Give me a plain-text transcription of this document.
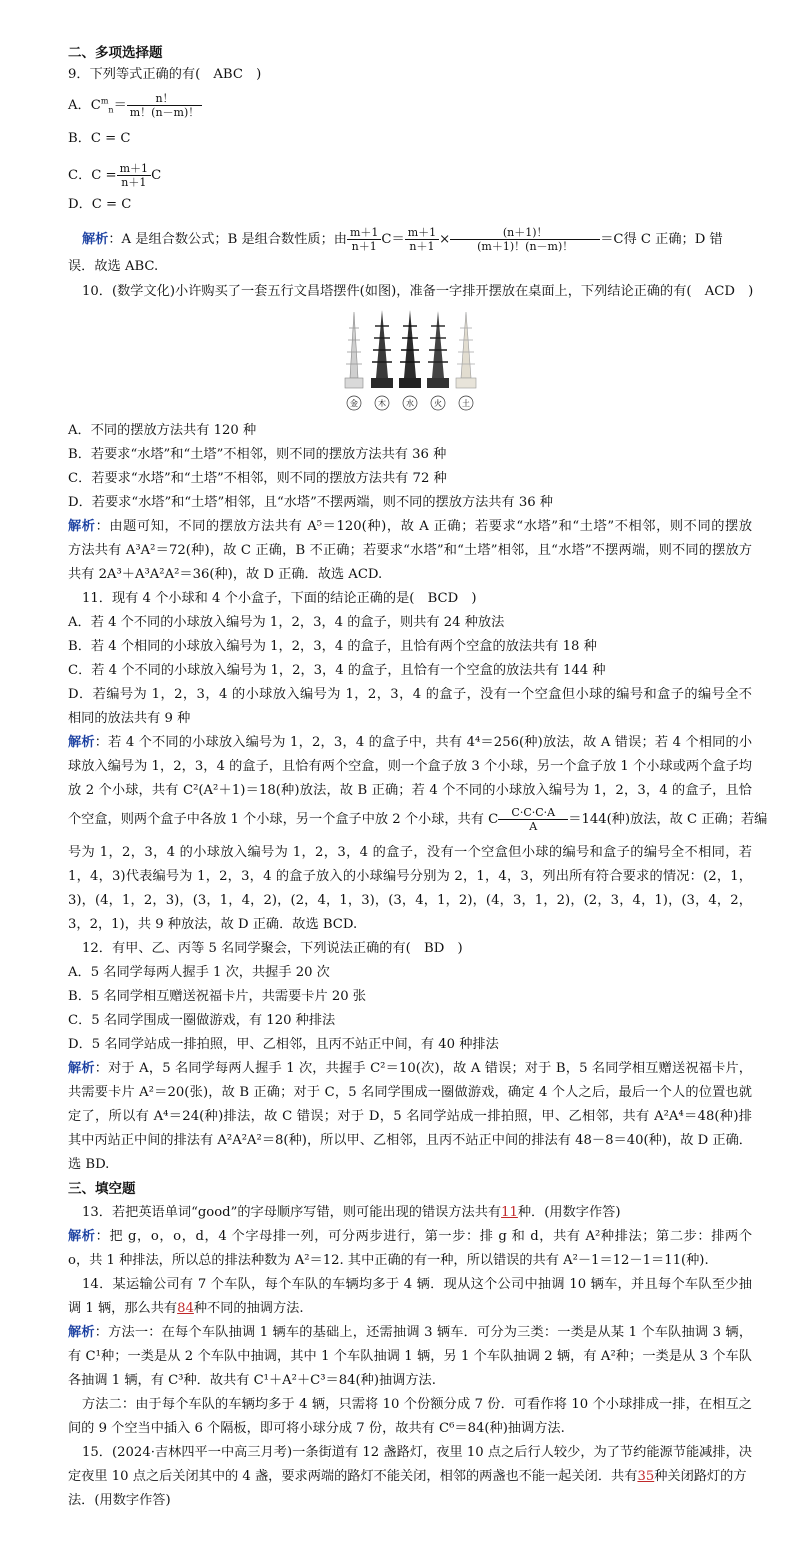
二、多项选择题
9．下列等式正确的有(　ABC　)
A．$C^m_n= \frac{n!}{m!(n-m)!}$
B．C = C
C．$C = \frac{m+1}{n+1}$ C
D．C = C
解析：A 是组合数公式；B 是组合数性质；由 $\frac{m+1}{n+1} C= \frac{m+1}{n+1} \times \frac{(n+1)!}{(m+1)!(n-m)!} =C$得 C 正确；D 错
误．故选 ABC.
10．(数学文化)小许购买了一套五行文昌塔摆件(如图)，准备一字排开摆放在桌面上，下列结论正确的有(　ACD　)
金	木	水	火	土
A．不同的摆放方法共有 120 种
B．若要求“水塔”和“土塔”不相邻，则不同的摆放方法共有 36 种
C．若要求“水塔”和“土塔”不相邻，则不同的摆放方法共有 72 种
D．若要求“水塔”和“土塔”相邻，且“水塔”不摆两端，则不同的摆放方法共有 36 种
解析：由题可知，不同的摆放方法共有 A⁵＝120(种)，故 A 正确；若要求“水塔”和“土塔”不相邻，则不同的摆放
方法共有 A³A²＝72(种)，故 C 正确，B 不正确；若要求“水塔”和“土塔”相邻，且“水塔”不摆两端，则不同的摆放方
共有 2A³＋A³A²A²＝36(种)，故 D 正确．故选 ACD.
11．现有 4 个小球和 4 个小盒子，下面的结论正确的是(　BCD　)
A．若 4 个不同的小球放入编号为 1，2，3，4 的盒子，则共有 24 种放法
B．若 4 个相同的小球放入编号为 1，2，3，4 的盒子，且恰有两个空盒的放法共有 18 种
C．若 4 个不同的小球放入编号为 1，2，3，4 的盒子，且恰有一个空盒的放法共有 144 种
D．若编号为 1，2，3，4 的小球放入编号为 1，2，3，4 的盒子，没有一个空盒但小球的编号和盒子的编号全不
相同的放法共有 9 种
解析：若 4 个不同的小球放入编号为 1，2，3，4 的盒子中，共有 4⁴＝256(种)放法，故 A 错误；若 4 个相同的小
球放入编号为 1，2，3，4 的盒子，且恰有两个空盒，则一个盒子放 3 个小球，另一个盒子放 1 个小球或两个盒子均
放 2 个小球，共有 C²(A²＋1)＝18(种)放法，故 B 正确；若 4 个不同的小球放入编号为 1，2，3，4 的盒子，且恰
个空盒，则两个盒子中各放 1 个小球，另一个盒子中放 2 个小球，共有 C $\frac{C\cdot C\cdot C\cdot A}{A} =144$(种)放法，故 C 正确；若编
号为 1，2，3，4 的小球放入编号为 1，2，3，4 的盒子，没有一个空盒但小球的编号和盒子的编号全不相同，若
1，4，3)代表编号为 1，2，3，4 的盒子放入的小球编号分别为 2，1，4，3，列出所有符合要求的情况：(2，1，
3)，(4，1，2，3)，(3，1，4，2)，(2，4，1，3)，(3，4，1，2)，(4，3，1，2)，(2，3，4，1)，(3，4，2，
3，2，1)，共 9 种放法，故 D 正确．故选 BCD.
12．有甲、乙、丙等 5 名同学聚会，下列说法正确的有(　BD　)
A．5 名同学每两人握手 1 次，共握手 20 次
B．5 名同学相互赠送祝福卡片，共需要卡片 20 张
C．5 名同学围成一圈做游戏，有 120 种排法
D．5 名同学站成一排拍照，甲、乙相邻，且丙不站正中间，有 40 种排法
解析：对于 A，5 名同学每两人握手 1 次，共握手 C²＝10(次)，故 A 错误；对于 B，5 名同学相互赠送祝福卡片，
共需要卡片 A²＝20(张)，故 B 正确；对于 C，5 名同学围成一圈做游戏，确定 4 个人之后，最后一个人的位置也就
定了，所以有 A⁴＝24(种)排法，故 C 错误；对于 D，5 名同学站成一排拍照，甲、乙相邻，共有 A²A⁴＝48(种)排
其中丙站正中间的排法有 A²A²A²＝8(种)，所以甲、乙相邻，且丙不站正中间的排法有 48－8＝40(种)，故 D 正确．
选 BD.
三、填空题
13．若把英语单词“good”的字母顺序写错，则可能出现的错误方法共有11种．(用数字作答)
解析：把 g，o，o，d，4 个字母排一列，可分两步进行，第一步：排 g 和 d，共有 A²种排法；第二步：排两个
o，共 1 种排法，所以总的排法种数为 A²＝12. 其中正确的有一种，所以错误的共有 A²－1＝12－1＝11(种).
14．某运输公司有 7 个车队，每个车队的车辆均多于 4 辆．现从这个公司中抽调 10 辆车，并且每个车队至少抽
调 1 辆，那么共有84种不同的抽调方法.
解析：方法一：在每个车队抽调 1 辆车的基础上，还需抽调 3 辆车．可分为三类：一类是从某 1 个车队抽调 3 辆，
有 C¹种；一类是从 2 个车队中抽调，其中 1 个车队抽调 1 辆，另 1 个车队抽调 2 辆，有 A²种；一类是从 3 个车队
各抽调 1 辆，有 C³种．故共有 C¹＋A²＋C³＝84(种)抽调方法.
方法二：由于每个车队的车辆均多于 4 辆，只需将 10 个份额分成 7 份．可看作将 10 个小球排成一排，在相互之
间的 9 个空当中插入 6 个隔板，即可将小球分成 7 份，故共有 C⁶＝84(种)抽调方法.
15．(2024·吉林四平一中高三月考)一条街道有 12 盏路灯，夜里 10 点之后行人较少，为了节约能源节能减排，决
定夜里 10 点之后关闭其中的 4 盏，要求两端的路灯不能关闭，相邻的两盏也不能一起关闭．共有35种关闭路灯的方
法．(用数字作答)
